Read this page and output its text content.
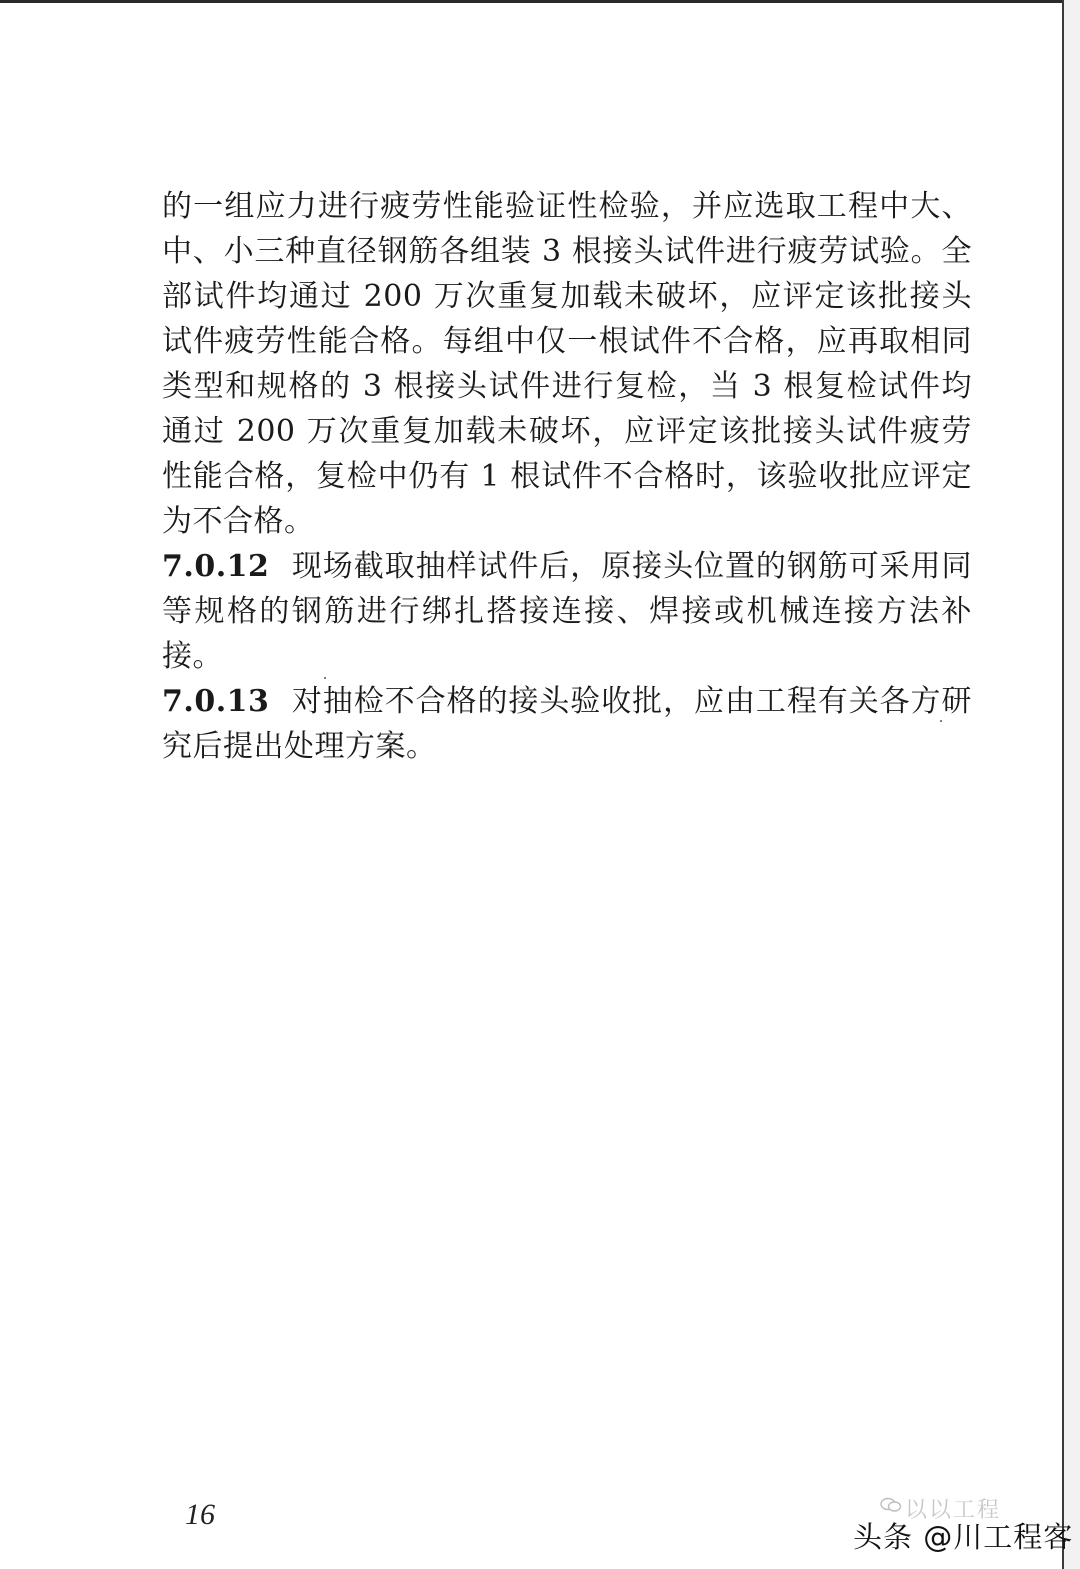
的一组应力进行疲劳性能验证性检验，并应选取工程中大、中、小三种直径钢筋各组装 3 根接头试件进行疲劳试验。全部试件均通过 200 万次重复加载未破坏，应评定该批接头试件疲劳性能合格。每组中仅一根试件不合格，应再取相同类型和规格的 3 根接头试件进行复检，当 3 根复检试件均通过 200 万次重复加载未破坏，应评定该批接头试件疲劳性能合格，复检中仍有 1 根试件不合格时，该验收批应评定为不合格。

7.0.12 现场截取抽样试件后，原接头位置的钢筋可采用同等规格的钢筋进行绑扎搭接连接、焊接或机械连接方法补接。

7.0.13 对抽检不合格的接头验收批，应由工程有关各方研究后提出处理方案。

16	以以工程
头条 @川工程客
